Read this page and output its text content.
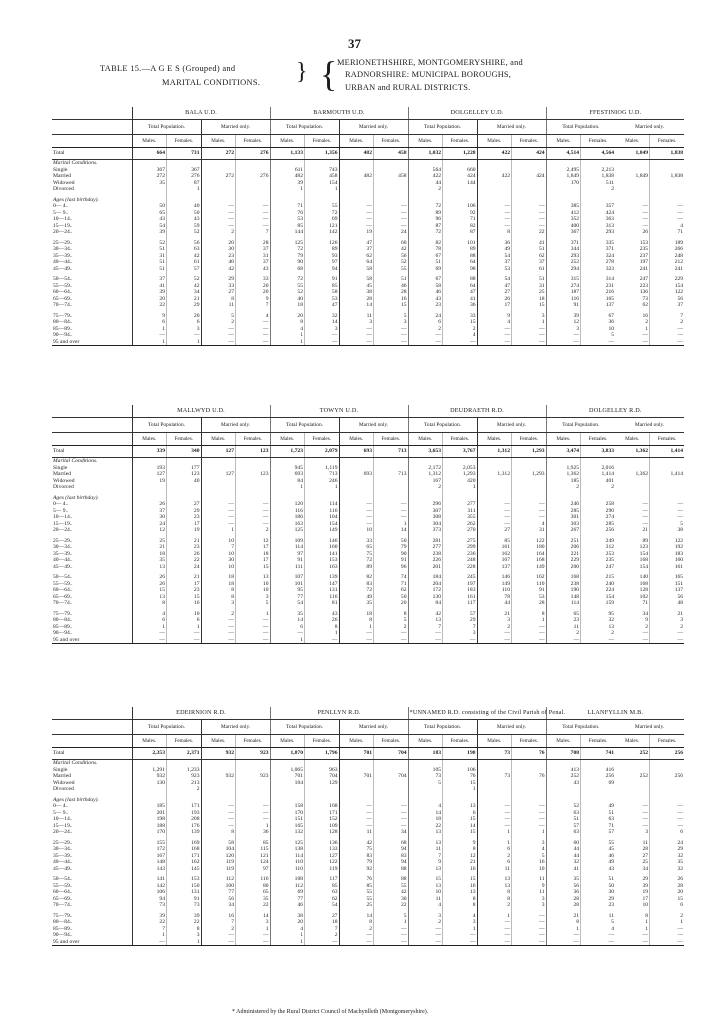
37
TABLE 15.—A G E S (Grouped) and
MARITAL CONDITIONS.	} { MERIONETHSHIRE, MONTGOMERYSHIRE, and
RADNORSHIRE: MUNICIPAL BOROUGHS,
URBAN and RURAL DISTRICTS.
	BALA U.D.				BARMOUTH U.D.				DOLGELLEY U.D.				FFESTINIOG U.D.			
	Total Population.		Married only.		Total Population.		Married only.		Total Population.		Married only.		Total Population.		Married only.	
	Males.	Females.	Males.	Females.	Males.	Females.	Males.	Females.	Males.	Females.	Males.	Females.	Males.	Females.	Males.	Females.
Total	664	731	272	276	1,133	1,356	482	458	1,032	1,228	422	424	4,514	4,564	1,849	1,838
Marital Conditions.																
Single	367	367			611	743			564	660			2,495	2,213		
Married	272	276	272	276	482	458	482	458	422	424	422	424	1,849	1,838	1,849	1,838
Widowed	35	87			39	154			44	144			170	511		
Divorced		1			1	1			2					2		

Ages (last birthday).																
0— 4..	50	40	—	—	71	55	—	—	72	106	—	—	385	357	—	—
5— 9..	65	50	—	—	76	72	—	—	89	92	—	—	412	424	—	—
10—14..	43	43	—	—	53	69	—	—	96	71	—	—	352	363	—	—
15—19..	54	59	—	—	85	121	—	—	87	82	—	—	400	313	—	4
20—24..	39	52	2	7	144	142	19	24	72	87	8	22	367	293	26	71

25—29..	52	56	20	28	125	126	47	60	82	101	36	41	371	335	153	189
30—34..	51	63	30	37	72	89	37	42	78	89	49	51	344	371	235	266
35—39..	31	42	23	31	79	93	62	56	67	88	54	62	293	324	237	248
40—44..	51	61	40	37	90	97	64	52	51	64	37	37	252	278	197	212
45—49..	51	57	42	43	68	94	58	55	69	98	53	61	294	323	241	241

50—54..	37	52	29	33	72	91	58	51	67	88	54	51	315	314	247	229
55—59..	41	42	33	20	55	85	45	46	58	64	47	31	274	231	223	154
60—64..	39	34	27	20	52	58	38	28	46	47	27	25	187	216	136	122
65—69..	20	21	8	9	40	53	28	16	43	41	26	18	116	165	73	56
70—74..	22	29	11	7	18	47	14	15	23	36	17	15	91	137	62	37

75—79..	9	20	5	4	20	32	11	5	24	33	9	3	39	67	16	7
80—84..	6	6	2	—	8	14	3	3	6	15	4	1	12	36	2	2
85—89..	1	3	—	—	4	3	—	—	2	2	—	—	3	10	1	—
90—94..	—	—	—	—	1	—	—	—	—	4	—	—	—	5	—	—
95 and over	1	1	—	—	1	—	—	—	—	—	—	—	—	—	—	—
	MALLWYD U.D.				TOWYN U.D.				DEUDRAETH R.D.				DOLGELLEY R.D.			
	Total Population.		Married only.		Total Population.		Married only.		Total Population.		Married only.		Total Population.		Married only.	
	Males.	Females.	Males.	Females.	Males.	Females.	Males.	Females.	Males.	Females.	Males.	Females.	Males.	Females.	Males.	Females.
Total	339	340	127	123	1,723	2,079	693	713	3,653	3,767	1,312	1,293	3,474	3,833	1,362	1,414
Marital Conditions.																
Single	193	177			945	1,119			2,172	2,053			1,925	2,016		
Married	127	123	127	123	693	713	693	713	1,312	1,293	1,312	1,293	1,362	1,414	1,362	1,414
Widowed	19	40			84	246			167	420			185	401		
Divorced					1	1			2	1			2	2		

Ages (last birthday).																
0— 4..	26	27	—	—	120	114	—	—	296	277	—	—	246	258	—	—
5— 9..	37	29	—	—	116	116	—	—	307	311	—	—	285	290	—	—
10—14..	30	23	—	—	186	104	—	—	308	355	—	—	301	274	—	—
15—19..	24	17	—	—	163	154	—	1	304	262	—	4	303	285	—	5
20—24..	12	19	1	2	125	149	10	14	373	270	27	31	267	256	21	38

25—29..	25	21	10	12	109	146	33	50	281	275	85	122	251	249	89	122
30—34..	21	23	7	17	114	160	65	79	277	299	161	180	206	312	123	192
35—39..	18	26	10	18	97	141	75	90	238	236	162	164	221	253	154	183
40—44..	35	22	30	17	91	153	72	91	226	248	167	168	229	235	168	160
45—49..	13	24	10	15	111	163	89	96	201	228	137	149	200	247	154	161

50—54..	26	21	18	13	107	139	82	74	184	245	146	162	168	215	140	165
55—59..	26	17	18	10	101	147	83	71	204	197	149	110	238	240	168	151
60—64..	15	23	8	10	95	131	72	62	172	183	110	91	190	224	128	137
65—69..	13	15	8	3	77	116	49	50	130	161	78	53	148	154	102	56
70—74..	8	16	3	5	54	81	35	20	84	117	44	28	114	159	71	48

75—79..	4	10	2	1	35	43	18	8	42	57	21	8	65	95	34	21
80—84..	6	6	—	—	14	26	8	5	13	29	3	1	23	32	9	3
85—89..	1	1	—	—	6	8	1	2	7	7	2	—	11	13	2	2
90—94..	—	—	—	—	—	1	—	—	—	3	—	—	2	2	—	—
95 and over	—	—	—	—	1	—	—	—	—	—	—	—	—	—	—	—
	EDEIRNION R.D.				PENLLYN R.D.				*UNNAMED R.D. consisting of the Civil Parish of Penal.				LLANFYLLIN M.B.			
	Total Population.		Married only.		Total Population.		Married only.		Total Population.		Married only.		Total Population.		Married only.	
	Males.	Females.	Males.	Females.	Males.	Females.	Males.	Females.	Males.	Females.	Males.	Females.	Males.	Females.	Males.	Females.
Total	2,353	2,371	932	923	1,870	1,796	701	704	183	198	73	76	708	741	252	256
Marital Conditions.																
Single	1,291	1,233			1,065	963			105	106			413	416		
Married	932	923	932	923	701	704	701	704	73	76	73	76	252	256	252	256
Widowed	130	213			104	129			5	15			43	69		
Divorced		2								1						

Ages (last birthday).																
0— 4..	185	171	—	—	158	168	—	—	4	13	—	—	52	49	—	—
5— 9..	201	193	—	—	170	171	—	—	14	6	—	—	63	51	—	—
10—14..	198	208	—	—	151	152	—	—	18	15	—	—	51	63	—	—
15—19..	188	176	—	1	165	109	—	—	22	14	—	—	57	71	—	—
20—24..	170	139	8	36	132	128	11	34	13	15	1	1	63	57	3	6

25—29..	155	169	58	85	125	136	42	68	13	9	1	3	60	55	11	24
30—34..	172	168	104	115	138	133	75	94	11	8	6	4	44	45	28	29
35—39..	167	171	120	121	114	127	83	83	7	12	2	5	44	46	27	32
40—44..	148	162	119	124	110	122	79	94	9	21	6	16	32	49	25	35
45—49..	143	145	119	97	110	119	92	88	13	16	11	10	41	43	34	32

50—54..	141	153	112	116	108	117	76	88	15	15	13	11	35	51	29	26
55—59..	142	150	100	80	112	85	85	55	13	16	13	9	56	50	39	28
60—64..	106	131	77	65	69	63	55	42	10	13	8	11	36	30	19	20
65—69..	94	91	56	35	77	62	55	30	11	8	8	3	28	29	17	15
70—74..	73	73	34	22	46	54	25	22	4	8	2	3	28	23	10	6

75—79..	39	39	16	14	38	27	14	5	3	4	1	—	21	11	8	2
80—84..	22	22	7	3	20	18	8	1	2	3	—	—	8	5	1	1
85—89..	7	8	2	1	4	7	2	—	—	1	—	—	1	4	1	—
90—94..	1	3	—	—	1	2	—	—	—	—	—	—	—	—	—	—
95 and over	—	1	—	—	1	—	—	—	—	—	—	—	—	—	—	—
* Administered by the Rural District Council of Machynlleth (Montgomeryshire).
